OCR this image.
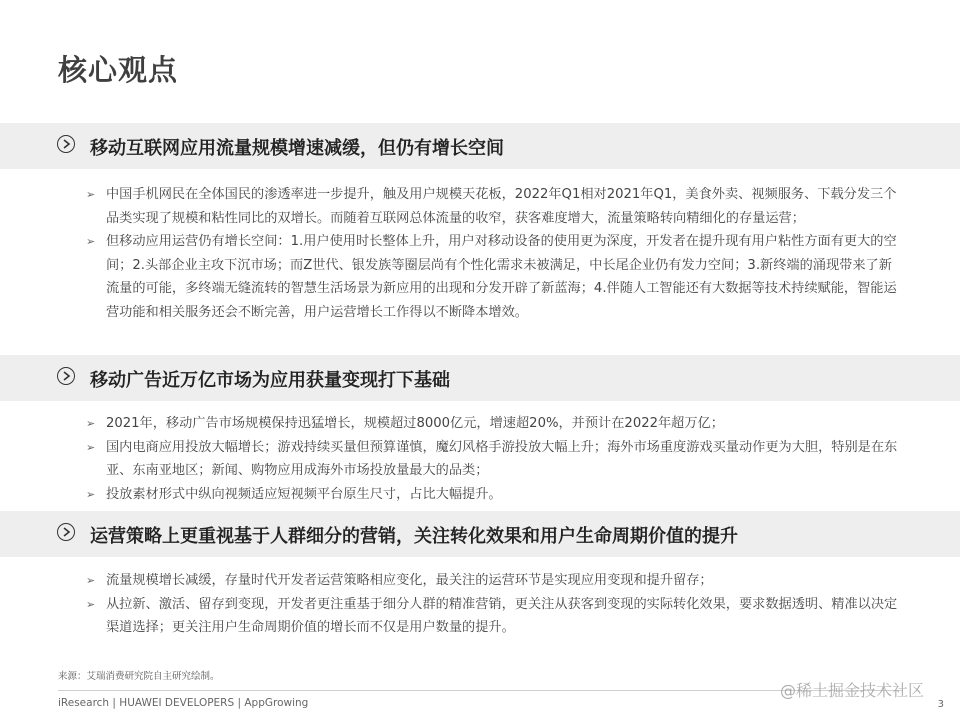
核心观点
移动互联网应用流量规模增速减缓，但仍有增长空间
➢ 中国手机网民在全体国民的渗透率进一步提升，触及用户规模天花板，2022年Q1相对2021年Q1，美食外卖、视频服务、下载分发三个品类实现了规模和粘性同比的双增长。而随着互联网总体流量的收窄，获客难度增大，流量策略转向精细化的存量运营；
➢ 但移动应用运营仍有增长空间：1.用户使用时长整体上升，用户对移动设备的使用更为深度，开发者在提升现有用户粘性方面有更大的空间；2.头部企业主攻下沉市场；而Z世代、银发族等圈层尚有个性化需求未被满足，中长尾企业仍有发力空间；3.新终端的涌现带来了新流量的可能，多终端无缝流转的智慧生活场景为新应用的出现和分发开辟了新蓝海；4.伴随人工智能还有大数据等技术持续赋能，智能运营功能和相关服务还会不断完善，用户运营增长工作得以不断降本增效。
移动广告近万亿市场为应用获量变现打下基础
➢ 2021年，移动广告市场规模保持迅猛增长，规模超过8000亿元，增速超20%，并预计在2022年超万亿；
➢ 国内电商应用投放大幅增长；游戏持续买量但预算谨慎，魔幻风格手游投放大幅上升；海外市场重度游戏买量动作更为大胆，特别是在东亚、东南亚地区；新闻、购物应用成海外市场投放量最大的品类；
➢ 投放素材形式中纵向视频适应短视频平台原生尺寸，占比大幅提升。
运营策略上更重视基于人群细分的营销，关注转化效果和用户生命周期价值的提升
➢ 流量规模增长减缓，存量时代开发者运营策略相应变化，最关注的运营环节是实现应用变现和提升留存；
➢ 从拉新、激活、留存到变现，开发者更注重基于细分人群的精准营销，更关注从获客到变现的实际转化效果，要求数据透明、精准以决定渠道选择；更关注用户生命周期价值的增长而不仅是用户数量的提升。
来源：艾瑞消费研究院自主研究绘制。
iResearch | HUAWEI DEVELOPERS | AppGrowing
@稀土掘金技术社区
3
